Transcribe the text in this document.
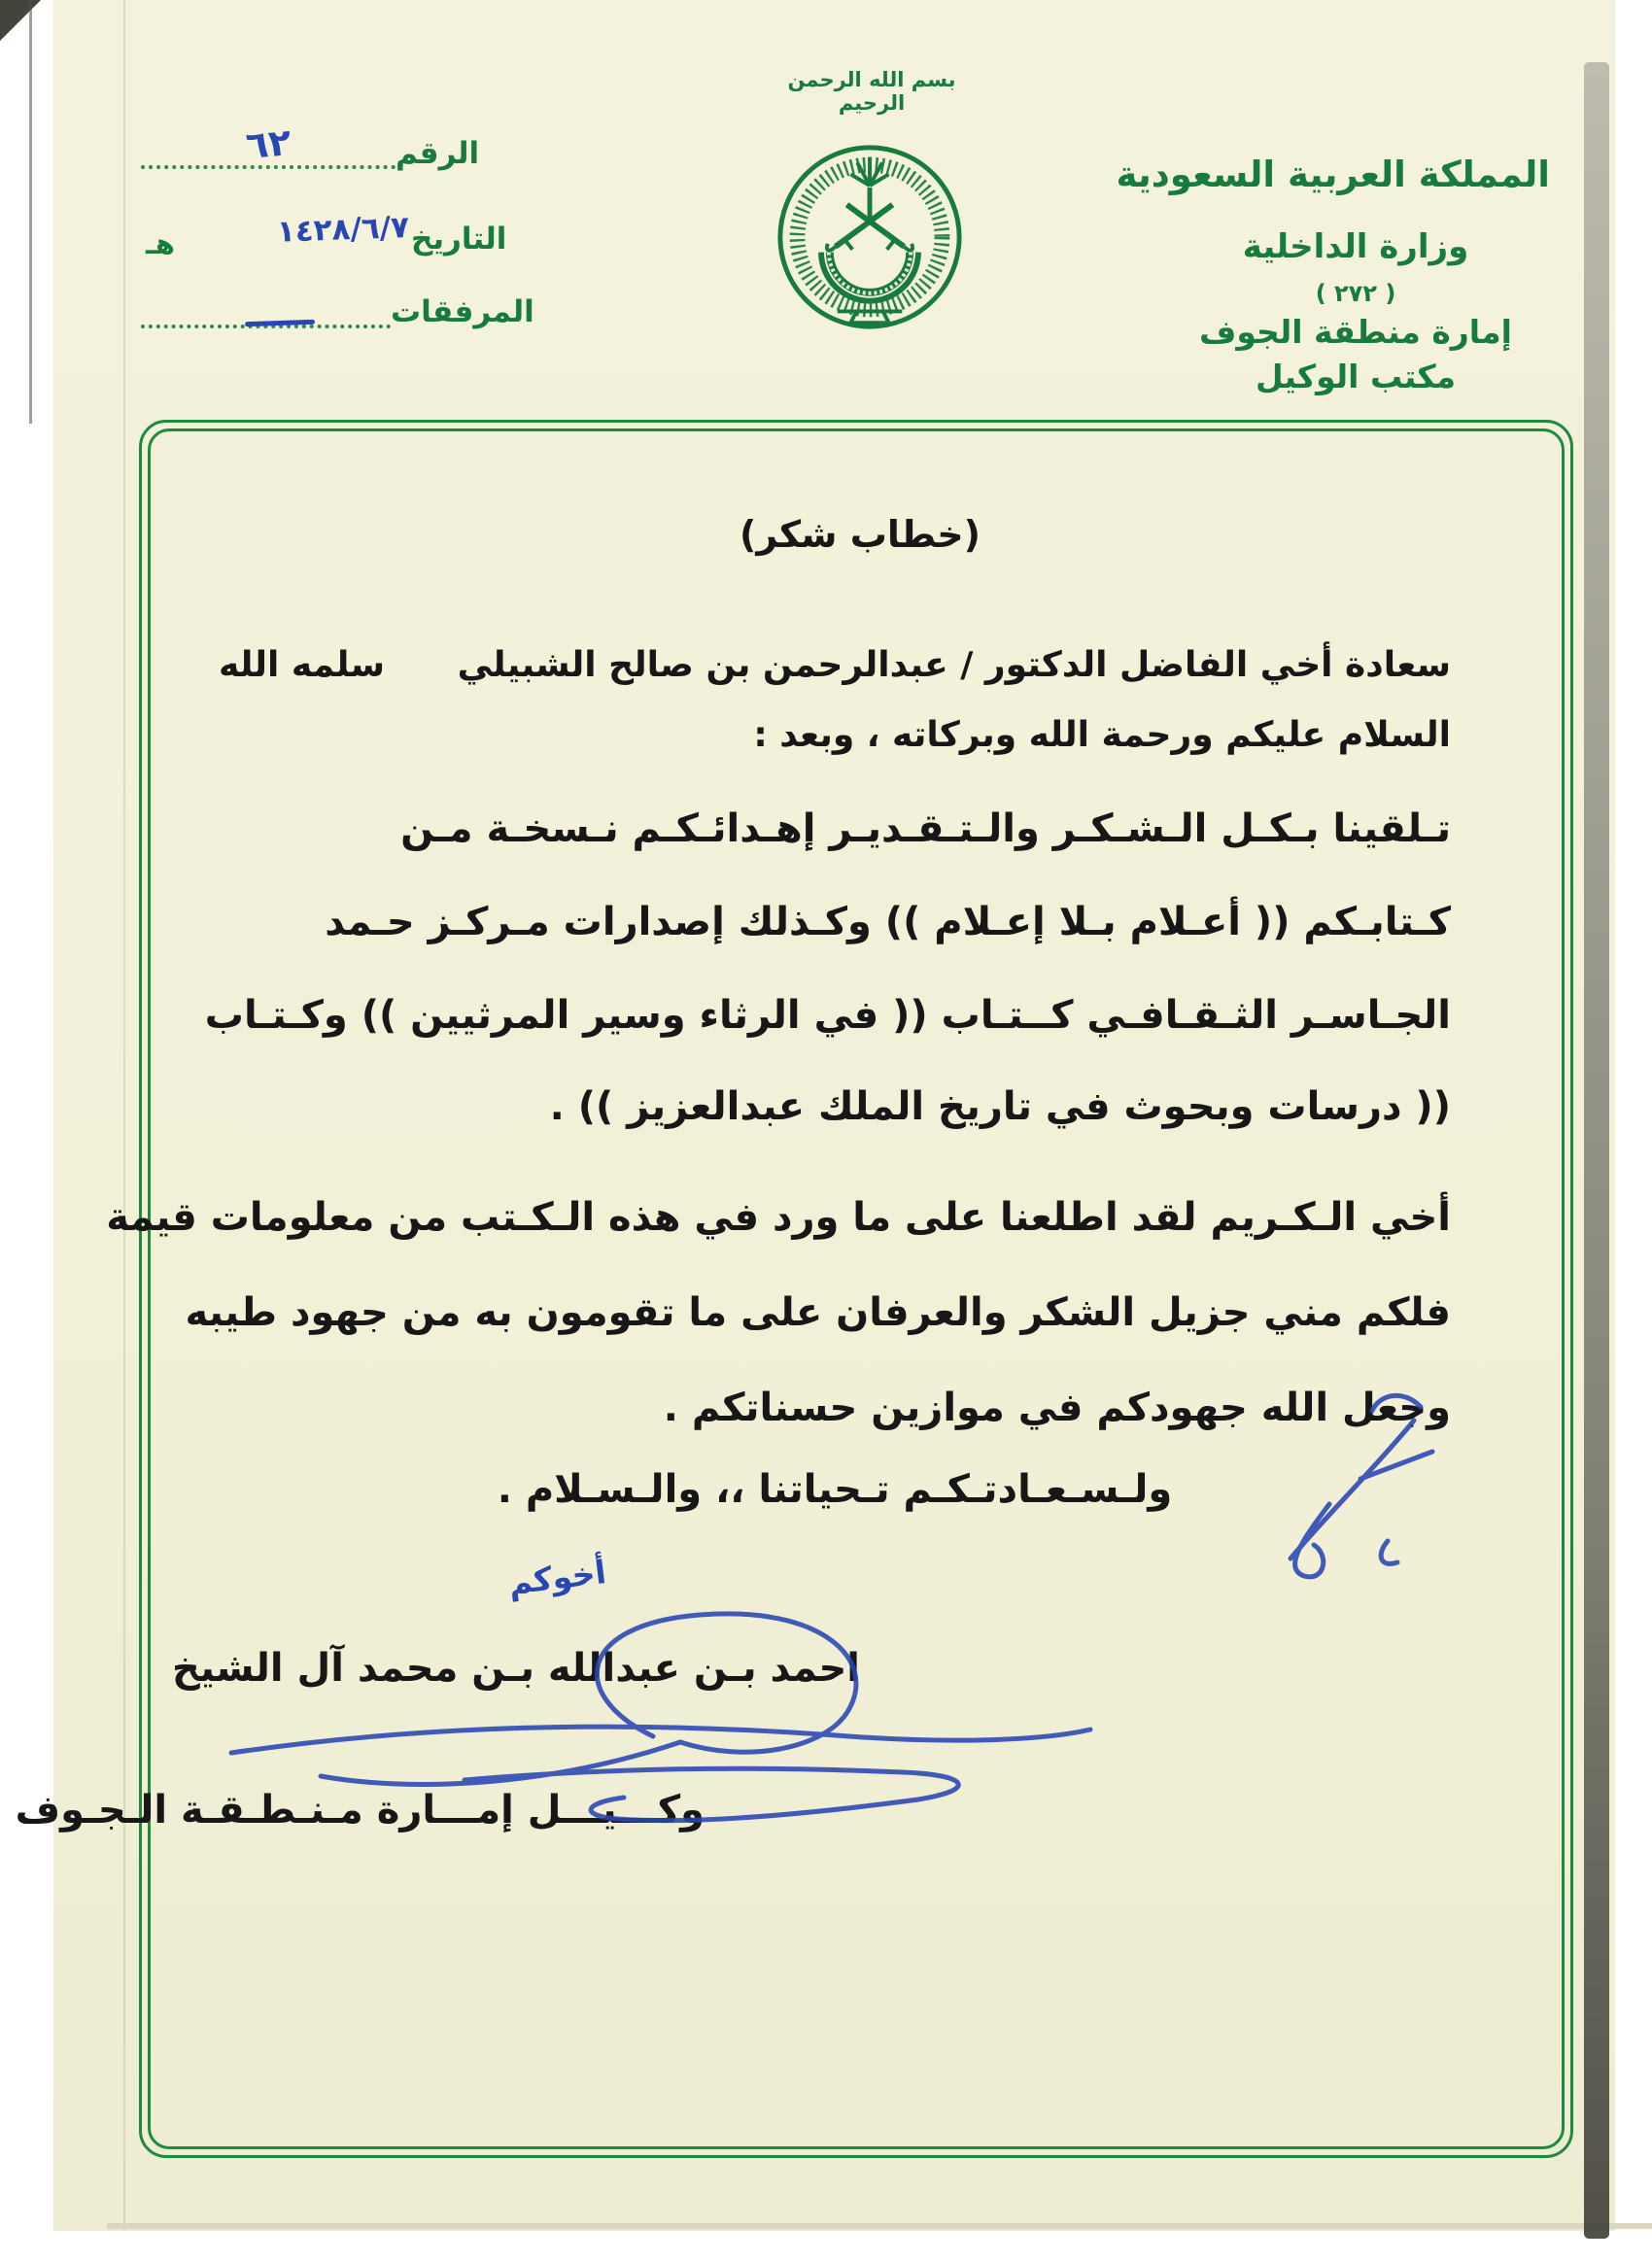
بسم الله الرحمن الرحيم
المملكة العربية السعودية
وزارة الداخلية
( ٢٧٢ )
إمارة منطقة الجوف
مكتب الوكيل
الرقم
٦٢
التاريخ
١٤٢٨/٦/٧
هـ
المرفقات
(خطاب شكر)
سعادة أخي الفاضل الدكتور / عبدالرحمن بن صالح الشبيلي
سلمه الله
السلام عليكم ورحمة الله وبركاته ، وبعد :
تـلقينا بـكـل الـشـكـر والـتـقـديـر إهـدائـكـم نـسخـة مـن
كـتابـكم (( أعـلام بـلا إعـلام )) وكـذلك إصدارات مـركـز حـمد
الجـاسـر الثـقـافـي كــتـاب (( في الرثاء وسير المرثيين )) وكـتـاب
(( درسات وبحوث في تاريخ الملك عبدالعزيز )) .
أخي الـكـريم لقد اطلعنا على ما ورد في هذه الـكـتب من معلومات قيمة
فلكم مني جزيل الشكر والعرفان على ما تقومون به من جهود طيبه
وجعل الله جهودكم في موازين حسناتكم .
ولـسـعـادتـكـم تـحياتنا ،، والـسـلام .
أخوكم
احمد بـن عبدالله بـن محمد آل الشيخ
وكـــيـــل إمـــارة مـنـطـقـة الـجـوف
